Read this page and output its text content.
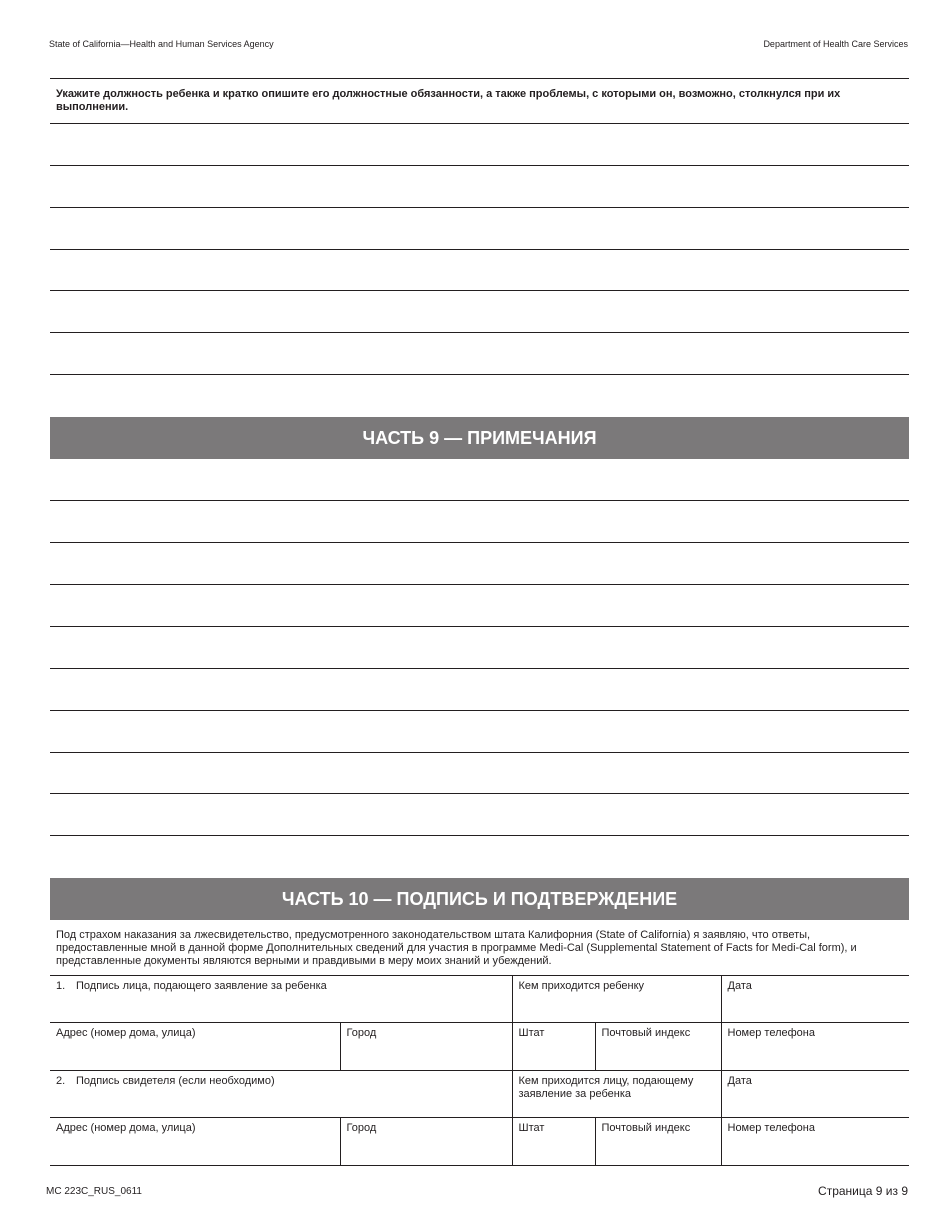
State of California—Health and Human Services Agency	Department of Health Care Services
Укажите должность ребенка и кратко опишите его должностные обязанности, а также проблемы, с которыми он, возможно, столкнулся при их выполнении.
ЧАСТЬ 9 — ПРИМЕЧАНИЯ
ЧАСТЬ 10 — ПОДПИСЬ И ПОДТВЕРЖДЕНИЕ
Под страхом наказания за лжесвидетельство, предусмотренного законодательством штата Калифорния (State of California) я заявляю, что ответы, предоставленные мной в данной форме Дополнительных сведений для участия в программе Medi-Cal (Supplemental Statement of Facts for Medi-Cal form), и представленные документы являются верными и правдивыми в меру моих знаний и убеждений.
1. Подпись лица, подающего заявление за ребенка		Кем приходится ребенку		Дата
Адрес (номер дома, улица)	Город	Штат	Почтовый индекс	Номер телефона
2. Подпись свидетеля (если необходимо)		Кем приходится лицу, подающему заявление за ребенка		Дата
Адрес (номер дома, улица)	Город	Штат	Почтовый индекс	Номер телефона
MC 223C_RUS_0611	Страница 9 из 9
